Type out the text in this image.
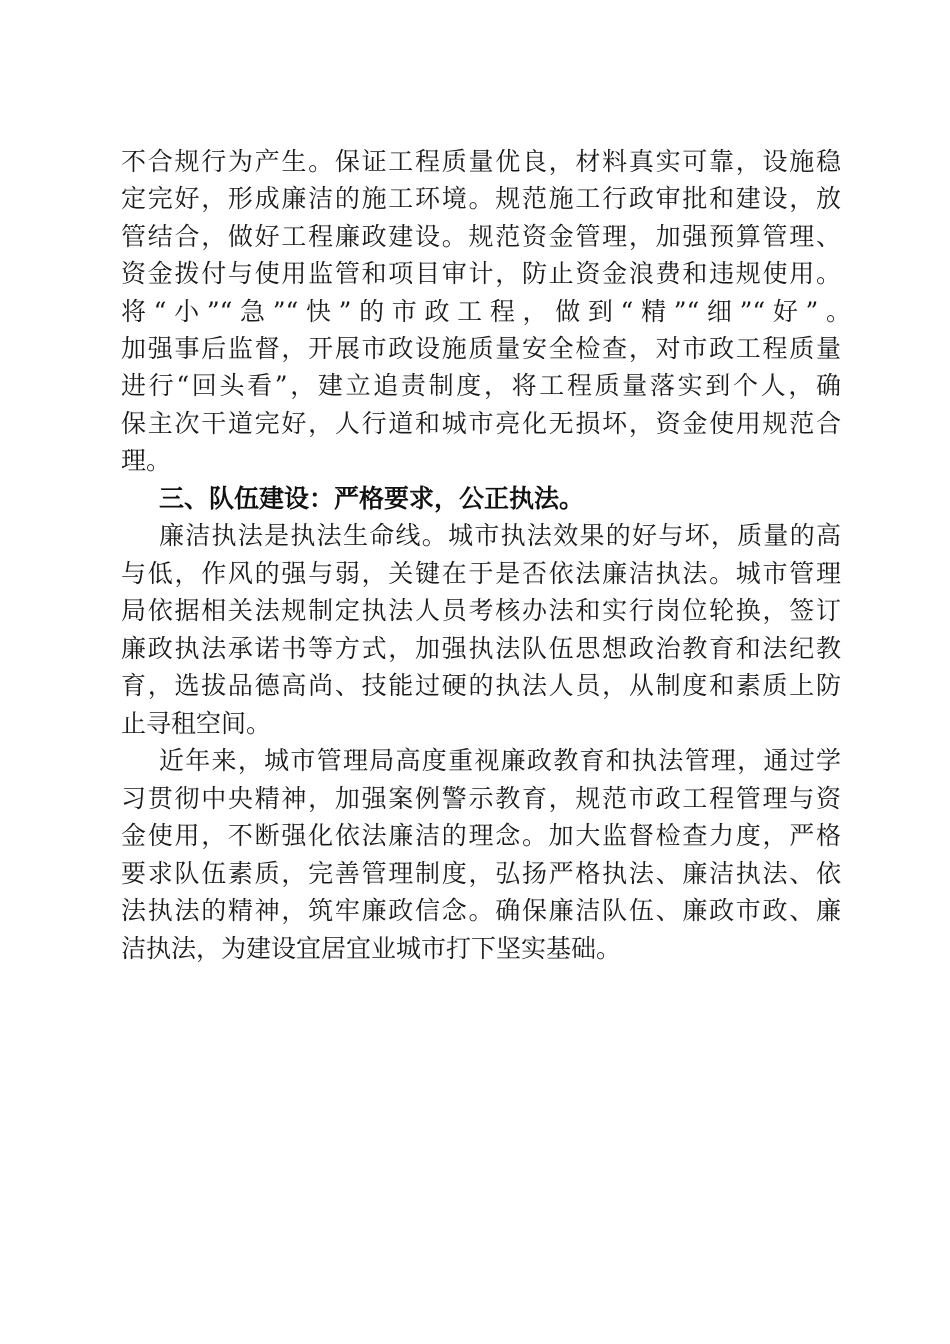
不合规行为产生。保证工程质量优良，材料真实可靠，设施稳
定完好，形成廉洁的施工环境。规范施工行政审批和建设，放
管结合，做好工程廉政建设。规范资金管理，加强预算管理、
资金拨付与使用监管和项目审计，防止资金浪费和违规使用。
将“小”“急”“快”的市政工程，做到“精”“细”“好”。
加强事后监督，开展市政设施质量安全检查，对市政工程质量
进行“回头看”，建立追责制度，将工程质量落实到个人，确
保主次干道完好，人行道和城市亮化无损坏，资金使用规范合
理。
三、队伍建设：严格要求，公正执法。
廉洁执法是执法生命线。城市执法效果的好与坏，质量的高
与低，作风的强与弱，关键在于是否依法廉洁执法。城市管理
局依据相关法规制定执法人员考核办法和实行岗位轮换，签订
廉政执法承诺书等方式，加强执法队伍思想政治教育和法纪教
育，选拔品德高尚、技能过硬的执法人员，从制度和素质上防
止寻租空间。
近年来，城市管理局高度重视廉政教育和执法管理，通过学
习贯彻中央精神，加强案例警示教育，规范市政工程管理与资
金使用，不断强化依法廉洁的理念。加大监督检查力度，严格
要求队伍素质，完善管理制度，弘扬严格执法、廉洁执法、依
法执法的精神，筑牢廉政信念。确保廉洁队伍、廉政市政、廉
洁执法，为建设宜居宜业城市打下坚实基础。
